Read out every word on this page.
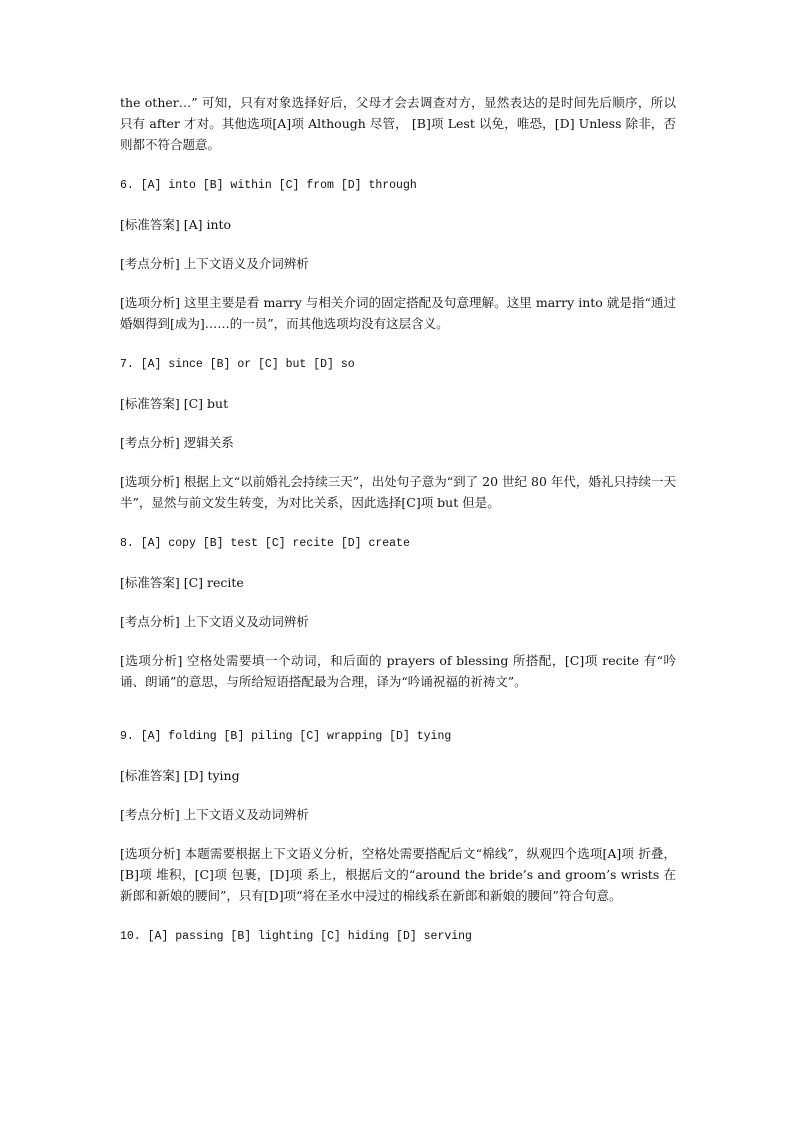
the other…” 可知，只有对象选择好后，父母才会去调查对方，显然表达的是时间先后顺序，所以只有 after 才对。其他选项[A]项 Although 尽管， [B]项 Lest 以免，唯恐，[D] Unless 除非，否则都不符合题意。

6. [A] into [B] within [C] from [D] through

[标准答案] [A] into

[考点分析] 上下文语义及介词辨析

[选项分析] 这里主要是看 marry 与相关介词的固定搭配及句意理解。这里 marry into 就是指“通过婚姻得到[成为]……的一员”，而其他选项均没有这层含义。

7. [A] since [B] or [C] but [D] so

[标准答案] [C] but

[考点分析] 逻辑关系

[选项分析] 根据上文“以前婚礼会持续三天”，出处句子意为“到了 20 世纪 80 年代，婚礼只持续一天半”，显然与前文发生转变，为对比关系，因此选择[C]项 but 但是。

8. [A] copy [B] test [C] recite [D] create

[标准答案] [C] recite

[考点分析] 上下文语义及动词辨析

[选项分析] 空格处需要填一个动词，和后面的 prayers of blessing 所搭配，[C]项 recite 有“吟诵、朗诵”的意思，与所给短语搭配最为合理，译为“吟诵祝福的祈祷文”。

9. [A] folding [B] piling [C] wrapping [D] tying

[标准答案] [D] tying

[考点分析] 上下文语义及动词辨析

[选项分析] 本题需要根据上下文语义分析，空格处需要搭配后文“棉线”，纵观四个选项[A]项 折叠，[B]项 堆积，[C]项 包裹，[D]项 系上，根据后文的“around the bride’s and groom’s wrists 在新郎和新娘的腰间”，只有[D]项“将在圣水中浸过的棉线系在新郎和新娘的腰间”符合句意。

10. [A] passing [B] lighting [C] hiding [D] serving
